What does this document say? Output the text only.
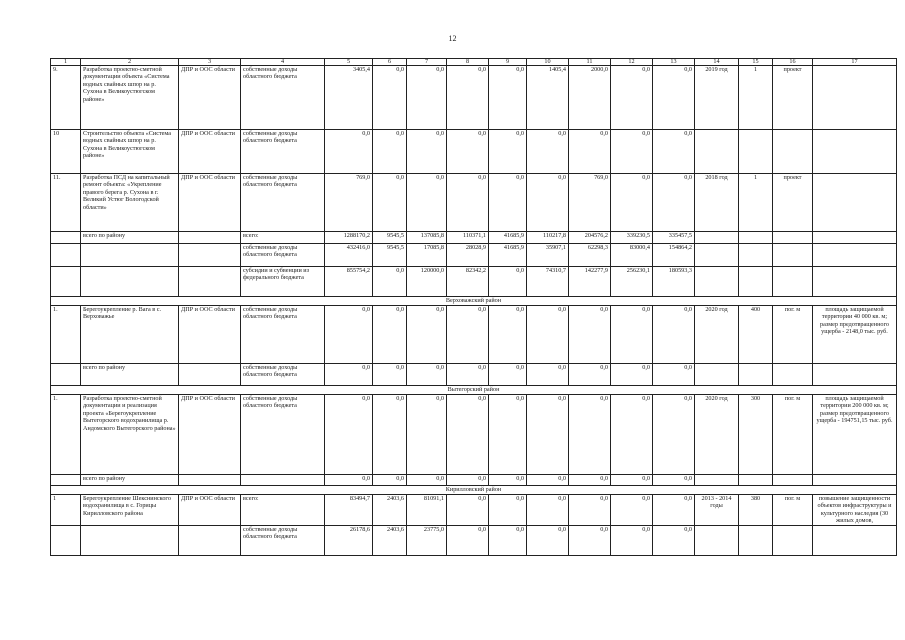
12
1	2	3	4	5	6	7	8	9	10	11	12	13	14	15	16	17
9.	Разработка проектно-сметной документации объекта «Система водных свайных шпор на р. Сухона в Великоустюгском районе»	ДПР и ООС области	собственные доходы областного бюджета	3405,4	0,0	0,0	0,0	0,0	1405,4	2000,0	0,0	0,0	2019 год	1	проект	
10	Строительство объекта «Система водных свайных шпор на р. Сухона в Великоустюгском районе»	ДПР и ООС области	собственные доходы областного бюджета	0,0	0,0	0,0	0,0	0,0	0,0	0,0	0,0	0,0				
11.	Разработка ПСД на капитальный ремонт объекта: «Укрепление правого берега р. Сухона в г. Великий Устюг Вологодской области»	ДПР и ООС области	собственные доходы областного бюджета	769,0	0,0	0,0	0,0	0,0	0,0	769,0	0,0	0,0	2018 год	1	проект	
	всего по району		всего:	1288170,2	9545,5	137085,8	110371,1	41685,9	110217,8	204576,2	339230,5	335457,5				
			собственные доходы областного бюджета	432416,0	9545,5	17085,8	28028,9	41685,9	35907,1	62298,3	83000,4	154864,2				
			субсидии и субвенции из федерального бюджета	855754,2	0,0	120000,0	82342,2	0,0	74310,7	142277,9	256230,1	180593,3				
Верховажский район																
1.	Берегоукрепление р. Вага в с. Верховажье	ДПР и ООС области	собственные доходы областного бюджета	0,0	0,0	0,0	0,0	0,0	0,0	0,0	0,0	0,0	2020 год	400	пог. м	площадь защищаемой территории 40 000 кв. м; размер предотвращенного ущерба - 2148,0 тыс. руб.
	всего по району		собственные доходы областного бюджета	0,0	0,0	0,0	0,0	0,0	0,0	0,0	0,0	0,0				
Вытегорский район																
1.	Разработка проектно-сметной документации и реализация проекта «Берегоукрепление Вытегорского водохранилища р. Андомского Вытегорского района»	ДПР и ООС области	собственные доходы областного бюджета	0,0	0,0	0,0	0,0	0,0	0,0	0,0	0,0	0,0	2020 год	300	пог. м	площадь защищаемой территории 200 000 кв. м; размер предотвращенного ущерба - 194751,15 тыс. руб.
	всего по району			0,0	0,0	0,0	0,0	0,0	0,0	0,0	0,0	0,0				
Кирилловский район																
1	Берегоукрепление Шекснинского водохранилища в с. Горицы Кирилловского района	ДПР и ООС области	всего:	83494,7	2403,6	81091,1	0,0	0,0	0,0	0,0	0,0	0,0	2013 - 2014 годы	380	пог. м	повышение защищенности объектов инфраструктуры и культурного наследия (30 жилых домов,
			собственные доходы областного бюджета	26178,6	2403,6	23775,0	0,0	0,0	0,0	0,0	0,0	0,0				
